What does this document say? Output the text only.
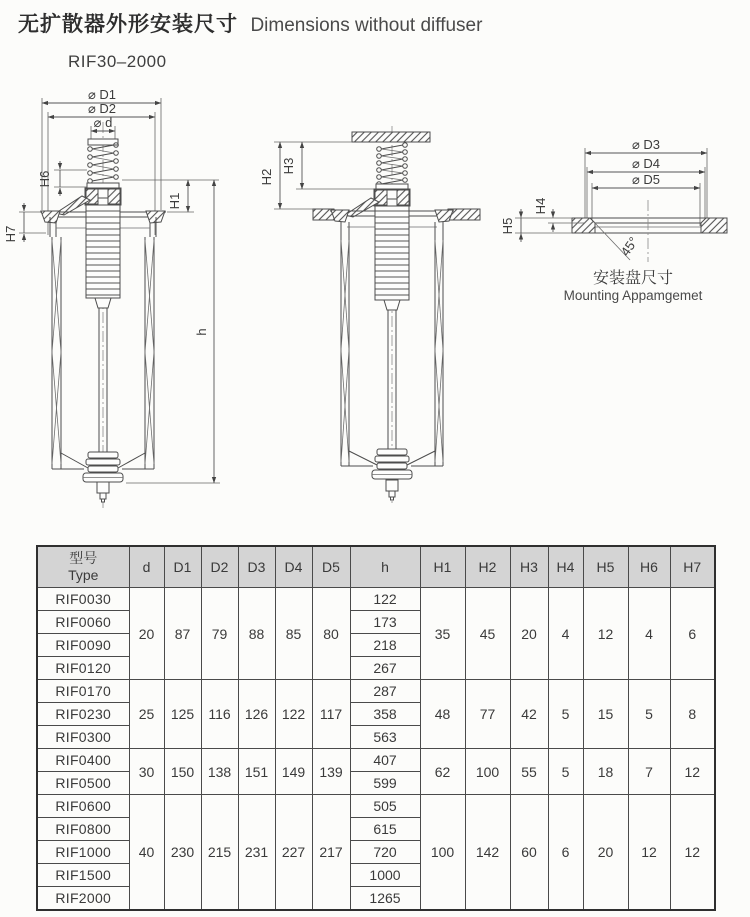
无扩散器外形安装尺寸 Dimensions without diffuser
RIF30–2000
⌀ D1
⌀ D2
⌀ d
H6
H7
H1
h
H3
H2
⌀ D3
⌀ D4
⌀ D5
H4
H5
45°
安装盘尺寸
Mounting Appamgemet
型号
Type	d	D1	D2	D3	D4	D5	h	H1	H2	H3	H4	H5	H6	H7
RIF0030	20	87	79	88	85	80	122	35	45	20	4	12	4	6
RIF0060							173							
RIF0090							218							
RIF0120							267							
RIF0170	25	125	116	126	122	117	287	48	77	42	5	15	5	8
RIF0230							358							
RIF0300							563							
RIF0400	30	150	138	151	149	139	407	62	100	55	5	18	7	12
RIF0500							599							
RIF0600	40	230	215	231	227	217	505	100	142	60	6	20	12	12
RIF0800							615							
RIF1000							720							
RIF1500							1000							
RIF2000							1265							
